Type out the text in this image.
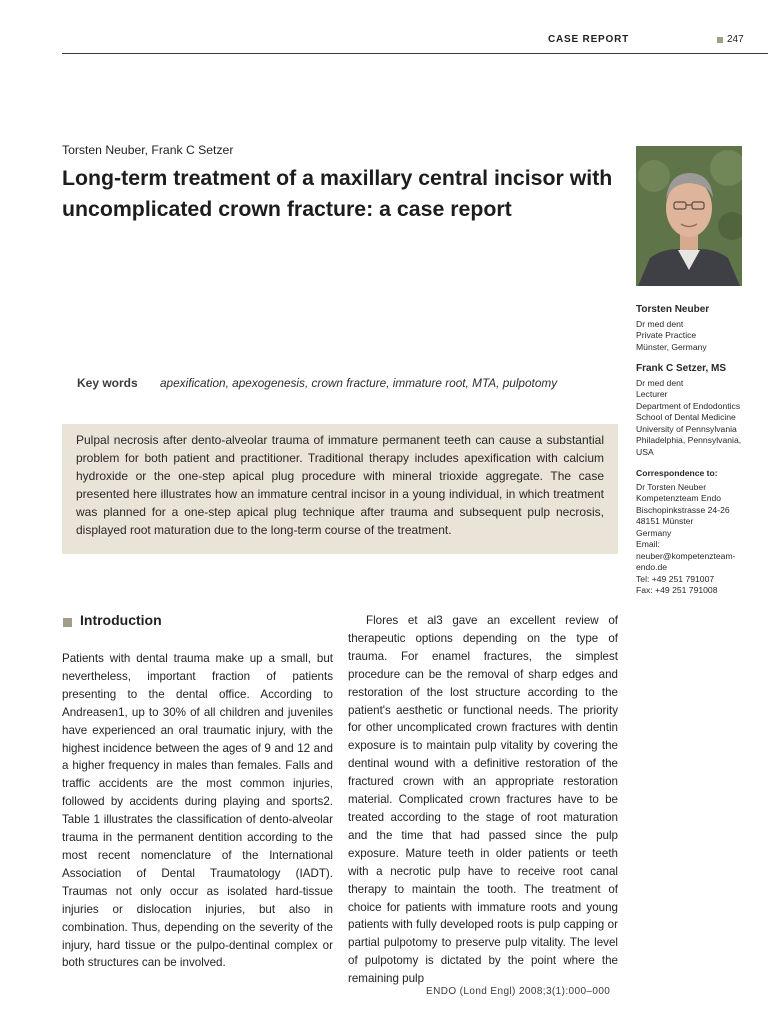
CASE REPORT	247
Torsten Neuber, Frank C Setzer
Long-term treatment of a maxillary central incisor with uncomplicated crown fracture: a case report
Key words apexification, apexogenesis, crown fracture, immature root, MTA, pulpotomy

Pulpal necrosis after dento-alveolar trauma of immature permanent teeth can cause a substantial problem for both patient and practitioner. Traditional therapy includes apexification with calcium hydroxide or the one-step apical plug procedure with mineral trioxide aggregate. The case presented here illustrates how an immature central incisor in a young individual, in which treatment was planned for a one-step apical plug technique after trauma and subsequent pulp necrosis, displayed root maturation due to the long-term course of the treatment.

Torsten Neuber
Dr med dent
Private Practice
Münster, Germany
Frank C Setzer, MS
Dr med dent
Lecturer
Department of Endodontics
School of Dental Medicine
University of Pennsylvania
Philadelphia, Pennsylvania,
USA
Correspondence to:
Dr Torsten Neuber
Kompetenzteam Endo
Bischopinkstrasse 24-26
48151 Münster
Germany
Email:
neuber@kompetenzteam-
endo.de
Tel: +49 251 791007
Fax: +49 251 791008
Introduction

Patients with dental trauma make up a small, but nevertheless, important fraction of patients presenting to the dental office. According to Andreasen1, up to 30% of all children and juveniles have experienced an oral traumatic injury, with the highest incidence between the ages of 9 and 12 and a higher frequency in males than females. Falls and traffic accidents are the most common injuries, followed by accidents during playing and sports2. Table 1 illustrates the classification of dento-alveolar trauma in the permanent dentition according to the most recent nomenclature of the International Association of Dental Traumatology (IADT). Traumas not only occur as isolated hard-tissue injuries or dislocation injuries, but also in combination. Thus, depending on the severity of the injury, hard tissue or the pulpo-dentinal complex or both structures can be involved.

Flores et al3 gave an excellent review of therapeutic options depending on the type of trauma. For enamel fractures, the simplest procedure can be the removal of sharp edges and restoration of the lost structure according to the patient's aesthetic or functional needs. The priority for other uncomplicated crown fractures with dentin exposure is to maintain pulp vitality by covering the dentinal wound with a definitive restoration of the fractured crown with an appropriate restoration material. Complicated crown fractures have to be treated according to the stage of root maturation and the time that had passed since the pulp exposure. Mature teeth in older patients or teeth with a necrotic pulp have to receive root canal therapy to maintain the tooth. The treatment of choice for patients with immature roots and young patients with fully developed roots is pulp capping or partial pulpotomy to preserve pulp vitality. The level of pulpotomy is dictated by the point where the remaining pulp

ENDO (Lond Engl) 2008;3(1):000–000
